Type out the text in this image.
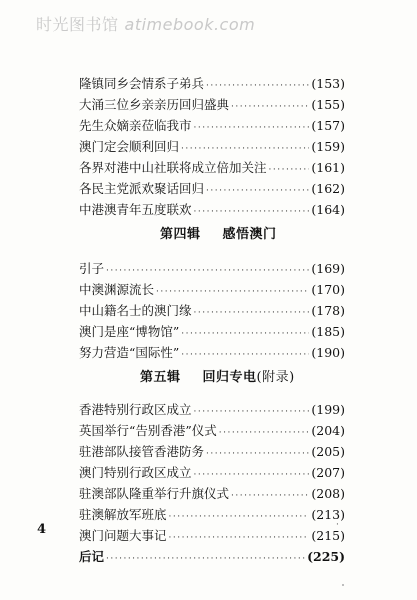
时光图书馆 atimebook.com
隆镇同乡会情系子弟兵 ·····	(153)
大涌三位乡亲亲历回归盛典 ·····	(155)
先生众嫡亲莅临我市 ·····	(157)
澳门定会顺利回归 ·····	(159)
各界对港中山社联将成立倍加关注 ·····	(161)
各民主党派欢聚话回归 ·····	(162)
中港澳青年五度联欢 ·····	(164)
第四辑 感悟澳门
引子 ·····	(169)
中澳渊源流长 ·····	(170)
中山籍名士的澳门缘 ·····	(178)
澳门是座“博物馆” ·····	(185)
努力营造“国际性” ·····	(190)
第五辑 回归专电(附录)
香港特别行政区成立 ·····	(199)
英国举行“告别香港”仪式 ·····	(204)
驻港部队接管香港防务 ·····	(205)
澳门特别行政区成立 ·····	(207)
驻澳部队隆重举行升旗仪式 ·····	(208)
驻澳解放军班底 ·····	(213)
澳门问题大事记 ·····	(215)
后记 ·····	(225)
4	·
